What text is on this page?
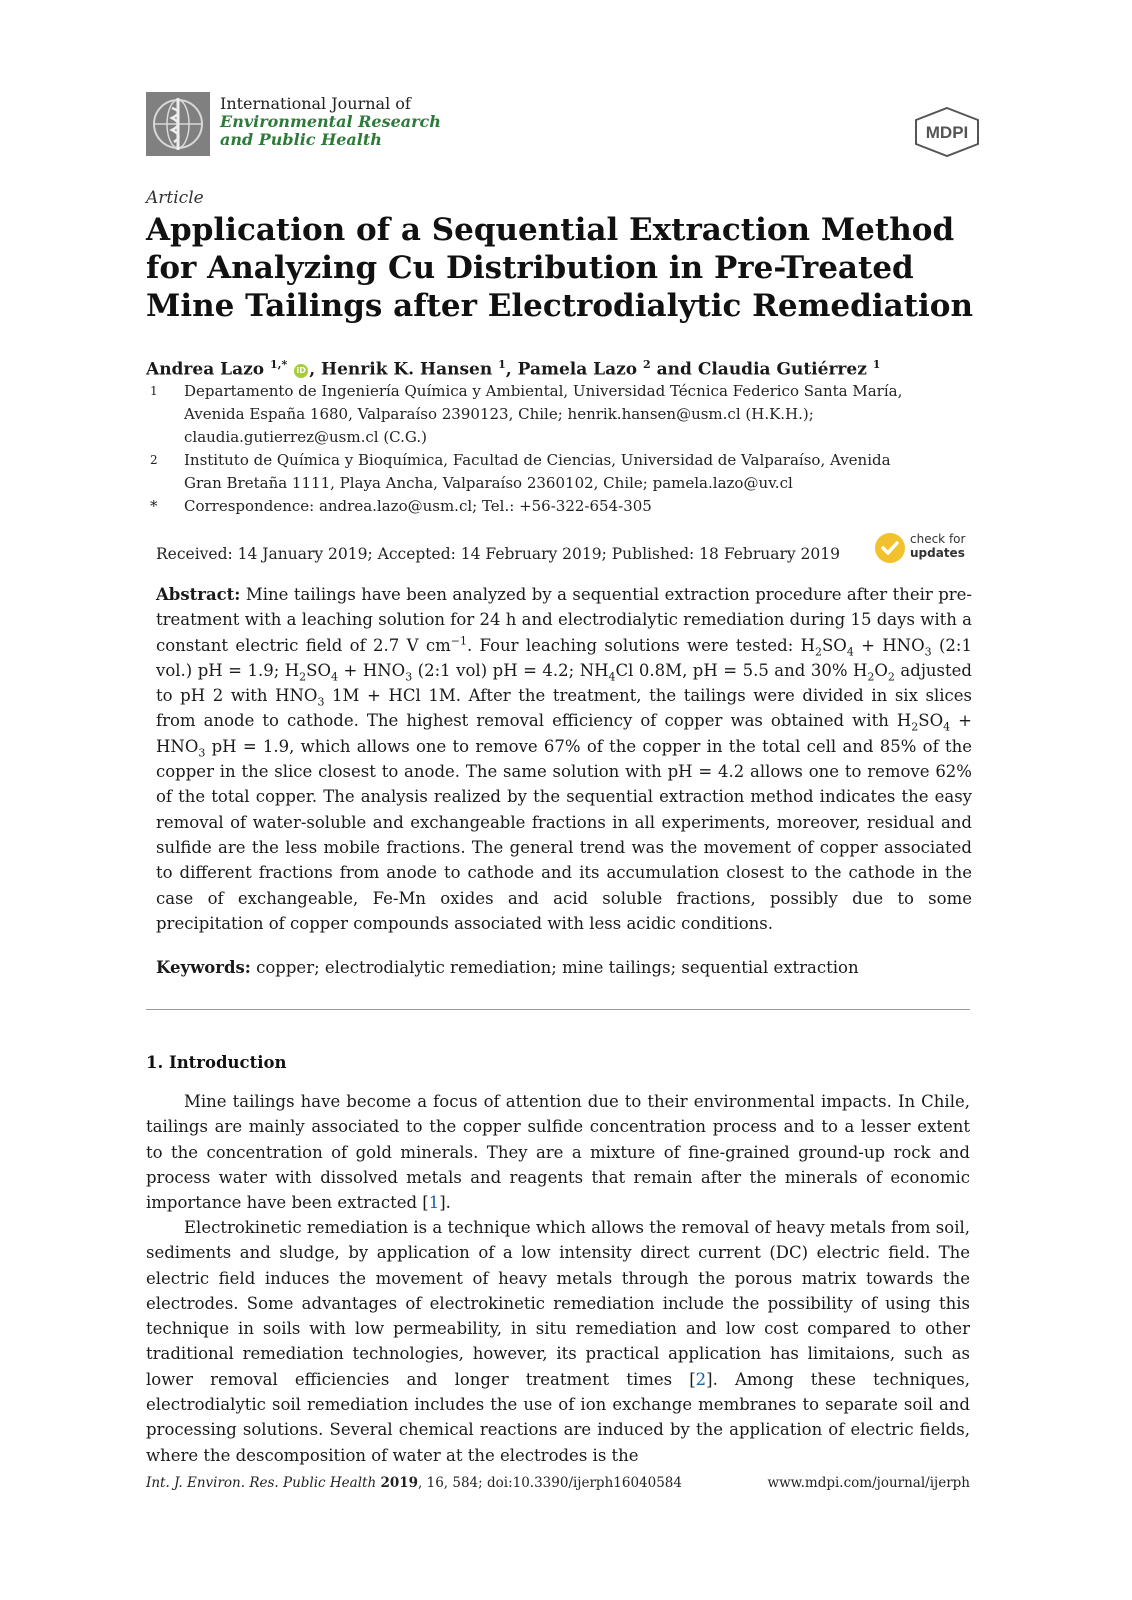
International Journal of
Environmental Research
and Public Health	MDPI
Article
Application of a Sequential Extraction Method for Analyzing Cu Distribution in Pre-Treated Mine Tailings after Electrodialytic Remediation
Andrea Lazo $^{1,*}$ iD , Henrik K. Hansen $^1$, Pamela Lazo $^2$ and Claudia Gutiérrez $^1$
1	Departamento de Ingeniería Química y Ambiental, Universidad Técnica Federico Santa María, Avenida España 1680, Valparaíso 2390123, Chile; henrik.hansen@usm.cl (H.K.H.); claudia.gutierrez@usm.cl (C.G.)
2	Instituto de Química y Bioquímica, Facultad de Ciencias, Universidad de Valparaíso, Avenida Gran Bretaña 1111, Playa Ancha, Valparaíso 2360102, Chile; pamela.lazo@uv.cl
*	Correspondence: andrea.lazo@usm.cl; Tel.: +56-322-654-305
Received: 14 January 2019; Accepted: 14 February 2019; Published: 18 February 2019
check for
updates
Abstract: Mine tailings have been analyzed by a sequential extraction procedure after their pre-treatment with a leaching solution for 24 h and electrodialytic remediation during 15 days with a constant electric field of 2.7 V $cm^{-1}$. Four leaching solutions were tested: $H_2SO_4 + HNO_3$ (2:1 vol.) pH = 1.9; $H_2SO_4 + HNO_3$ (2:1 vol) pH = 4.2; $NH_4Cl$ 0.8M, pH = 5.5 and 30% $H_2O_2$ adjusted to pH 2 with $HNO_3$ 1M + HCl 1M. After the treatment, the tailings were divided in six slices from anode to cathode. The highest removal efficiency of copper was obtained with $H_2SO_4 + HNO_3$ pH = 1.9, which allows one to remove 67% of the copper in the total cell and 85% of the copper in the slice closest to anode. The same solution with pH = 4.2 allows one to remove 62% of the total copper. The analysis realized by the sequential extraction method indicates the easy removal of water-soluble and exchangeable fractions in all experiments, moreover, residual and sulfide are the less mobile fractions. The general trend was the movement of copper associated to different fractions from anode to cathode and its accumulation closest to the cathode in the case of exchangeable, Fe-Mn oxides and acid soluble fractions, possibly due to some precipitation of copper compounds associated with less acidic conditions.
Keywords: copper; electrodialytic remediation; mine tailings; sequential extraction
1. Introduction
Mine tailings have become a focus of attention due to their environmental impacts. In Chile, tailings are mainly associated to the copper sulfide concentration process and to a lesser extent to the concentration of gold minerals. They are a mixture of fine-grained ground-up rock and process water with dissolved metals and reagents that remain after the minerals of economic importance have been extracted [1].
Electrokinetic remediation is a technique which allows the removal of heavy metals from soil, sediments and sludge, by application of a low intensity direct current (DC) electric field. The electric field induces the movement of heavy metals through the porous matrix towards the electrodes. Some advantages of electrokinetic remediation include the possibility of using this technique in soils with low permeability, in situ remediation and low cost compared to other traditional remediation technologies, however, its practical application has limitaions, such as lower removal efficiencies and longer treatment times [2]. Among these techniques, electrodialytic soil remediation includes the use of ion exchange membranes to separate soil and processing solutions. Several chemical reactions are induced by the application of electric fields, where the descomposition of water at the electrodes is the
Int. J. Environ. Res. Public Health 2019, 16, 584; doi:10.3390/ijerph16040584	www.mdpi.com/journal/ijerph
